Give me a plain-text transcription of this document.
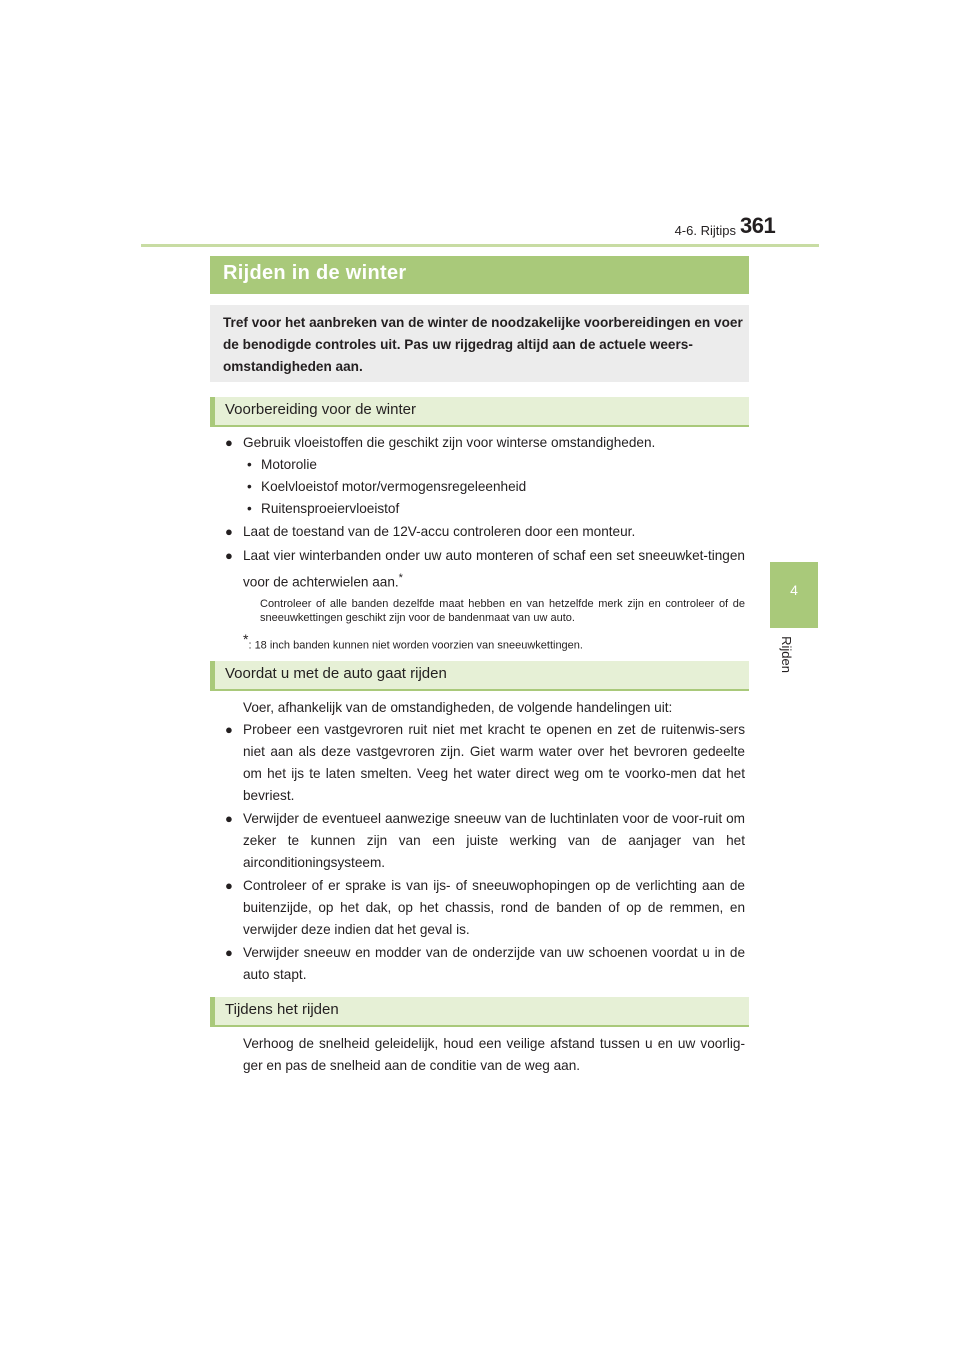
4-6. Rijtips 361
4
Rijden
Rijden in de winter

Tref voor het aanbreken van de winter de noodzakelijke voorbereidingen en voer de benodigde controles uit. Pas uw rijgedrag altijd aan de actuele weers-omstandigheden aan.

Voorbereiding voor de winter
● Gebruik vloeistoffen die geschikt zijn voor winterse omstandigheden.
• Motorolie
• Koelvloeistof motor/vermogensregeleenheid
• Ruitensproeiervloeistof
● Laat de toestand van de 12V-accu controleren door een monteur.
● Laat vier winterbanden onder uw auto monteren of schaf een set sneeuwket-tingen voor de achterwielen aan.*
Controleer of alle banden dezelfde maat hebben en van hetzelfde merk zijn en controleer of de sneeuwkettingen geschikt zijn voor de bandenmaat van uw auto.
*: 18 inch banden kunnen niet worden voorzien van sneeuwkettingen.
Voordat u met de auto gaat rijden
Voer, afhankelijk van de omstandigheden, de volgende handelingen uit:
● Probeer een vastgevroren ruit niet met kracht te openen en zet de ruitenwis-sers niet aan als deze vastgevroren zijn. Giet warm water over het bevroren gedeelte om het ijs te laten smelten. Veeg het water direct weg om te voorko-men dat het bevriest.
● Verwijder de eventueel aanwezige sneeuw van de luchtinlaten voor de voor-ruit om zeker te kunnen zijn van een juiste werking van de aanjager van het airconditioningsysteem.
● Controleer of er sprake is van ijs- of sneeuwophopingen op de verlichting aan de buitenzijde, op het dak, op het chassis, rond de banden of op de remmen, en verwijder deze indien dat het geval is.
● Verwijder sneeuw en modder van de onderzijde van uw schoenen voordat u in de auto stapt.
Tijdens het rijden
Verhoog de snelheid geleidelijk, houd een veilige afstand tussen u en uw voorlig-ger en pas de snelheid aan de conditie van de weg aan.
